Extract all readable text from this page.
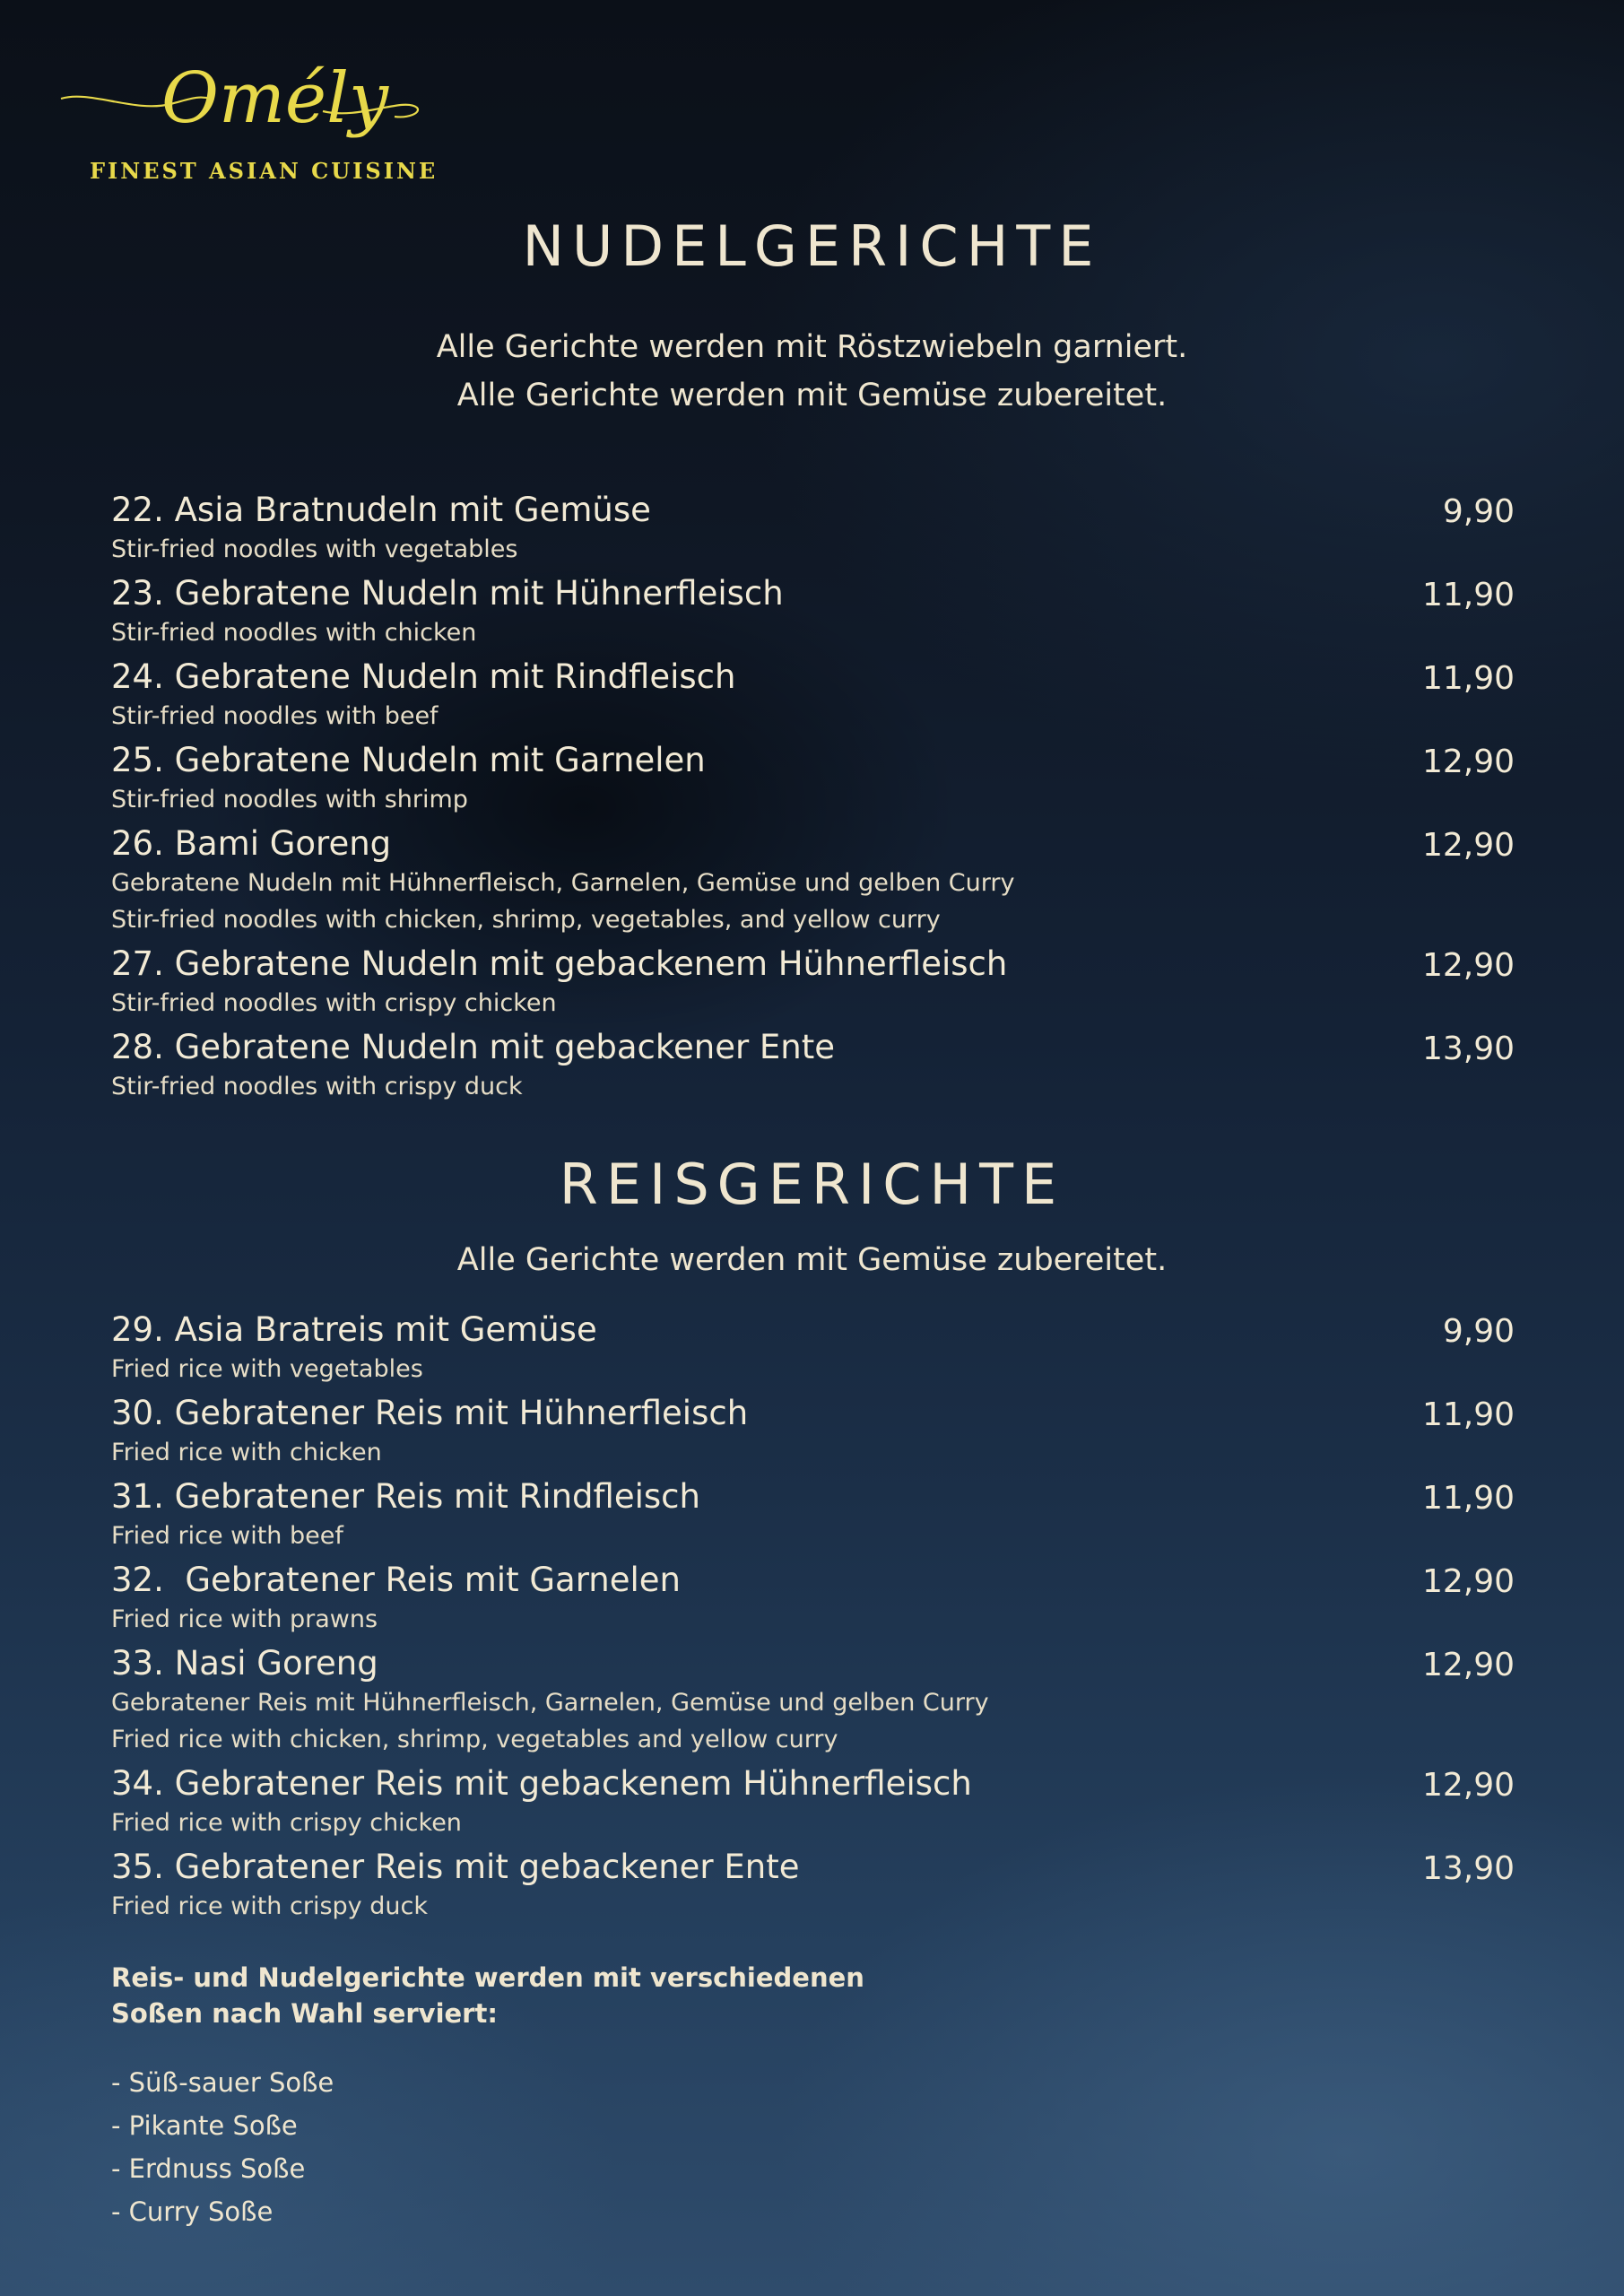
Omély
FINEST ASIAN CUISINE
NUDELGERICHTE
Alle Gerichte werden mit Röstzwiebeln garniert.
Alle Gerichte werden mit Gemüse zubereitet.
22. Asia Bratnudeln mit Gemüse
Stir-fried noodles with vegetables
9,90
23. Gebratene Nudeln mit Hühnerfleisch
Stir-fried noodles with chicken
11,90
24. Gebratene Nudeln mit Rindfleisch
Stir-fried noodles with beef
11,90
25. Gebratene Nudeln mit Garnelen
Stir-fried noodles with shrimp
12,90
26. Bami Goreng
Gebratene Nudeln mit Hühnerfleisch, Garnelen, Gemüse und gelben Curry
Stir-fried noodles with chicken, shrimp, vegetables, and yellow curry
12,90
27. Gebratene Nudeln mit gebackenem Hühnerfleisch
Stir-fried noodles with crispy chicken
12,90
28. Gebratene Nudeln mit gebackener Ente
Stir-fried noodles with crispy duck
13,90
REISGERICHTE
Alle Gerichte werden mit Gemüse zubereitet.
29. Asia Bratreis mit Gemüse
Fried rice with vegetables
9,90
30. Gebratener Reis mit Hühnerfleisch
Fried rice with chicken
11,90
31. Gebratener Reis mit Rindfleisch
Fried rice with beef
11,90
32.  Gebratener Reis mit Garnelen
Fried rice with prawns
12,90
33. Nasi Goreng
Gebratener Reis mit Hühnerfleisch, Garnelen, Gemüse und gelben Curry
Fried rice with chicken, shrimp, vegetables and yellow curry
12,90
34. Gebratener Reis mit gebackenem Hühnerfleisch
Fried rice with crispy chicken
12,90
35. Gebratener Reis mit gebackener Ente
Fried rice with crispy duck
13,90
Reis- und Nudelgerichte werden mit verschiedenen
Soßen nach Wahl serviert:
- Süß-sauer Soße
- Pikante Soße
- Erdnuss Soße
- Curry Soße
